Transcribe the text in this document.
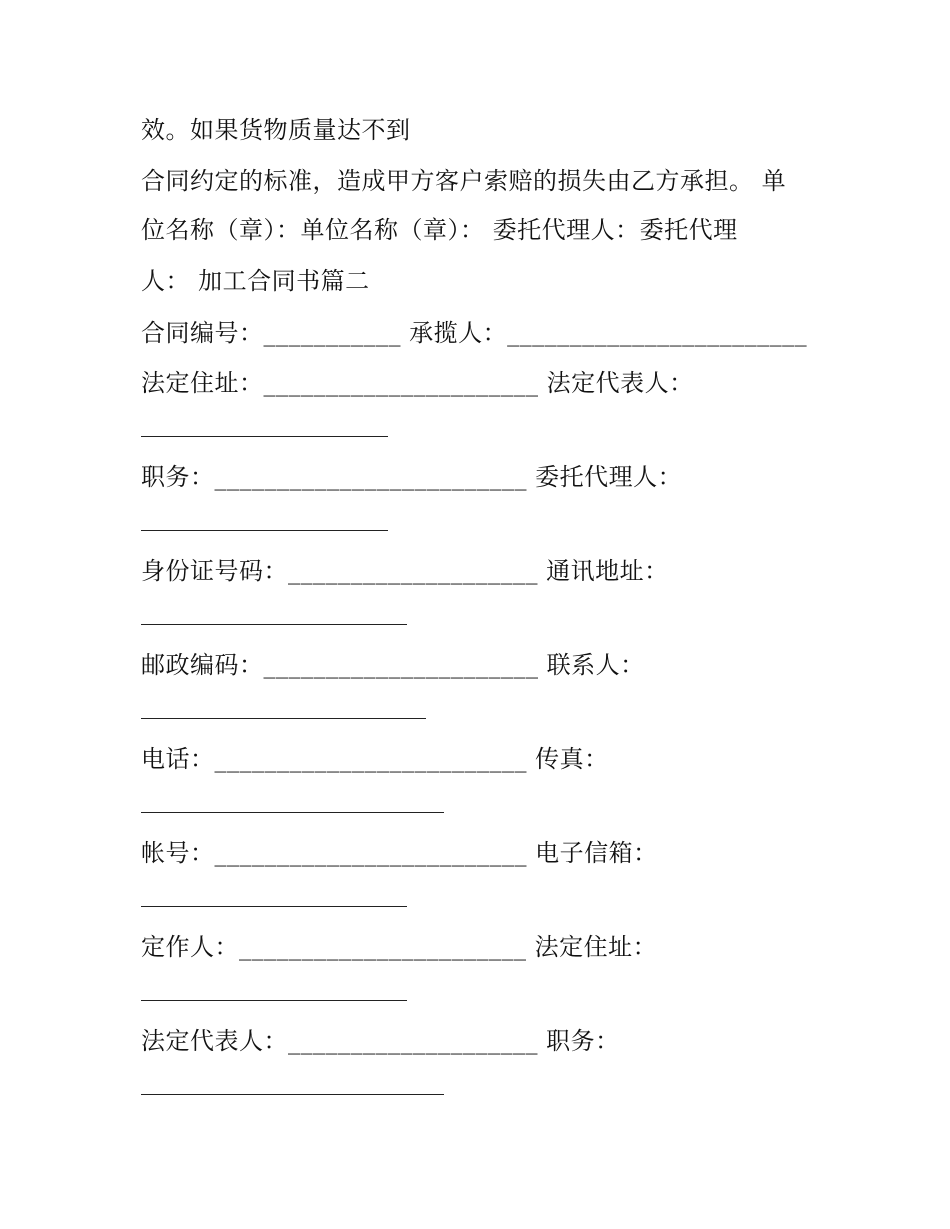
效。如果货物质量达不到
合同约定的标准，造成甲方客户索赔的损失由乙方承担。 单
位名称（章）：单位名称（章）： 委托代理人：委托代理
人： 加工合同书篇二
合同编号：___________ 承揽人：________________________
法定住址：______________________ 法定代表人：
职务：_________________________ 委托代理人：
身份证号码：____________________ 通讯地址：
邮政编码：______________________ 联系人：
电话：_________________________ 传真：
帐号：_________________________ 电子信箱：
定作人：_______________________ 法定住址：
法定代表人：____________________ 职务：
